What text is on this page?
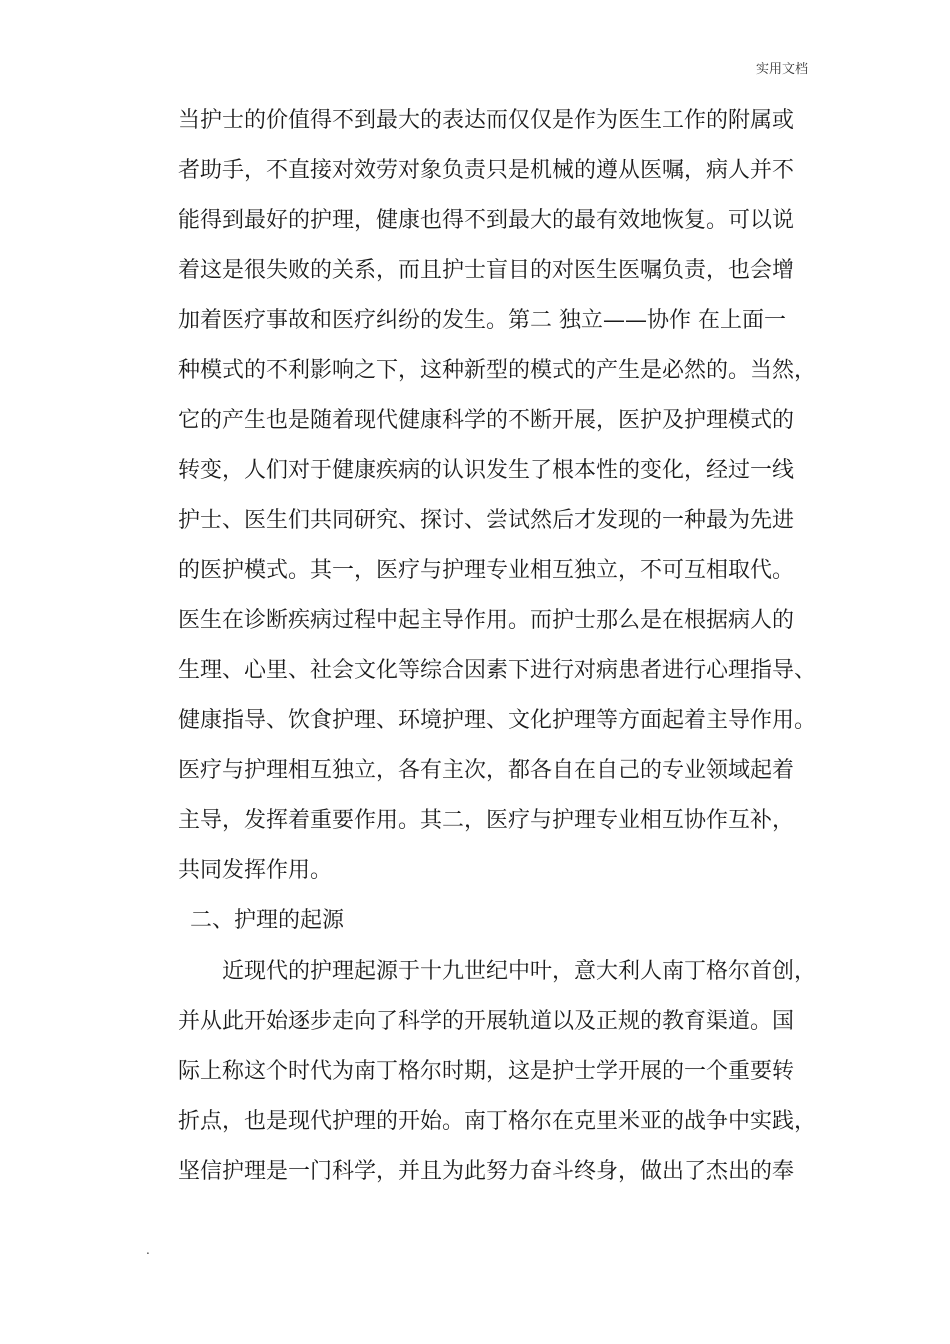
实用文档
当护士的价值得不到最大的表达而仅仅是作为医生工作的附属或
者助手，不直接对效劳对象负责只是机械的遵从医嘱，病人并不
能得到最好的护理，健康也得不到最大的最有效地恢复。可以说
着这是很失败的关系，而且护士盲目的对医生医嘱负责，也会增
加着医疗事故和医疗纠纷的发生。第二 独立——协作 在上面一
种模式的不利影响之下，这种新型的模式的产生是必然的。当然，
它的产生也是随着现代健康科学的不断开展，医护及护理模式的
转变，人们对于健康疾病的认识发生了根本性的变化，经过一线
护士、医生们共同研究、探讨、尝试然后才发现的一种最为先进
的医护模式。其一，医疗与护理专业相互独立，不可互相取代。
医生在诊断疾病过程中起主导作用。而护士那么是在根据病人的
生理、心里、社会文化等综合因素下进行对病患者进行心理指导、
健康指导、饮食护理、环境护理、文化护理等方面起着主导作用。
医疗与护理相互独立，各有主次，都各自在自己的专业领域起着
主导，发挥着重要作用。其二，医疗与护理专业相互协作互补，
共同发挥作用。
二、护理的起源
近现代的护理起源于十九世纪中叶，意大利人南丁格尔首创，
并从此开始逐步走向了科学的开展轨道以及正规的教育渠道。国
际上称这个时代为南丁格尔时期，这是护士学开展的一个重要转
折点，也是现代护理的开始。南丁格尔在克里米亚的战争中实践，
坚信护理是一门科学，并且为此努力奋斗终身，做出了杰出的奉
.
